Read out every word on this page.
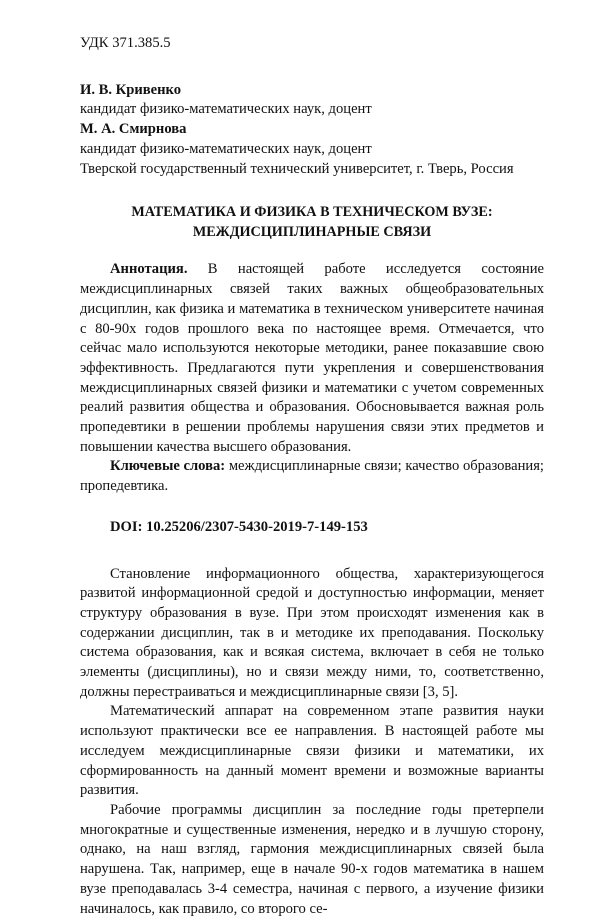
УДК 371.385.5

И. В. Кривенко

кандидат физико-математических наук, доцент

М. А. Смирнова

кандидат физико-математических наук, доцент

Тверской государственный технический университет, г. Тверь, Россия

МАТЕМАТИКА И ФИЗИКА В ТЕХНИЧЕСКОМ ВУЗЕ:
МЕЖДИСЦИПЛИНАРНЫЕ СВЯЗИ

Аннотация. В настоящей работе исследуется состояние междисциплинарных связей таких важных общеобразовательных дисциплин, как физика и математика в техническом университете начиная с 80-90х годов прошлого века по настоящее время. Отмечается, что сейчас мало используются некоторые методики, ранее показавшие свою эффективность. Предлагаются пути укрепления и совершенствования междисциплинарных связей физики и математики с учетом современных реалий развития общества и образования. Обосновывается важная роль пропедевтики в решении проблемы нарушения связи этих предметов и повышении качества высшего образования.

Ключевые слова: междисциплинарные связи; качество образования; пропедевтика.

DOI: 10.25206/2307-5430-2019-7-149-153

Становление информационного общества, характеризующегося развитой информационной средой и доступностью информации, меняет структуру образования в вузе. При этом происходят изменения как в содержании дисциплин, так в и методике их преподавания. Поскольку система образования, как и всякая система, включает в себя не только элементы (дисциплины), но и связи между ними, то, соответственно, должны перестраиваться и междисциплинарные связи [3, 5].

Математический аппарат на современном этапе развития науки используют практически все ее направления. В настоящей работе мы исследуем междисциплинарные связи физики и математики, их сформированность на данный момент времени и возможные варианты развития.

Рабочие программы дисциплин за последние годы претерпели многократные и существенные изменения, нередко и в лучшую сторону, однако, на наш взгляд, гармония междисциплинарных связей была нарушена. Так, например, еще в начале 90-х годов математика в нашем вузе преподавалась 3-4 семестра, начиная с первого, а изучение физики начиналось, как правило, со второго се-
